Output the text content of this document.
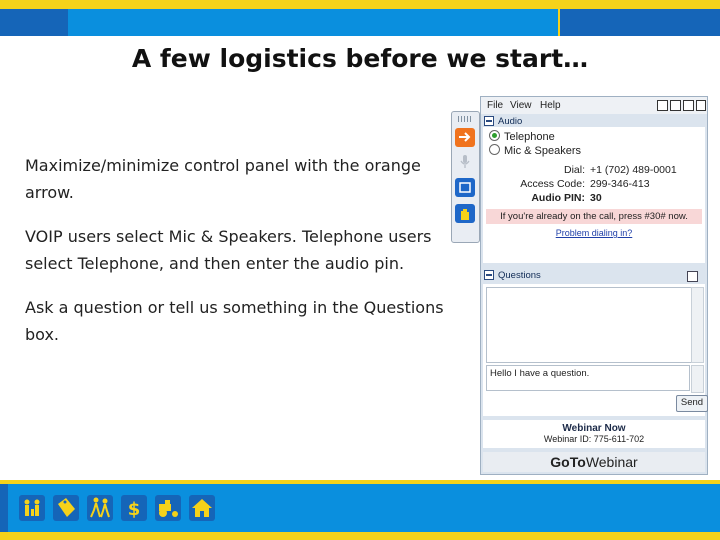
A few logistics before we start…

Maximize/minimize control panel with the orange arrow.

VOIP users select Mic & Speakers. Telephone users select Telephone, and then enter the audio pin.

Ask a question or tell us something in the Questions box.

File View Help
Audio
Telephone
Mic & Speakers
Dial: +1 (702) 489-0001
Access Code: 299-346-413
Audio PIN: 30
If you're already on the call, press #30# now.
Problem dialing in?
Questions
Hello I have a question.
Send
Webinar Now
Webinar ID: 775-611-702
GoToWebinar
$
